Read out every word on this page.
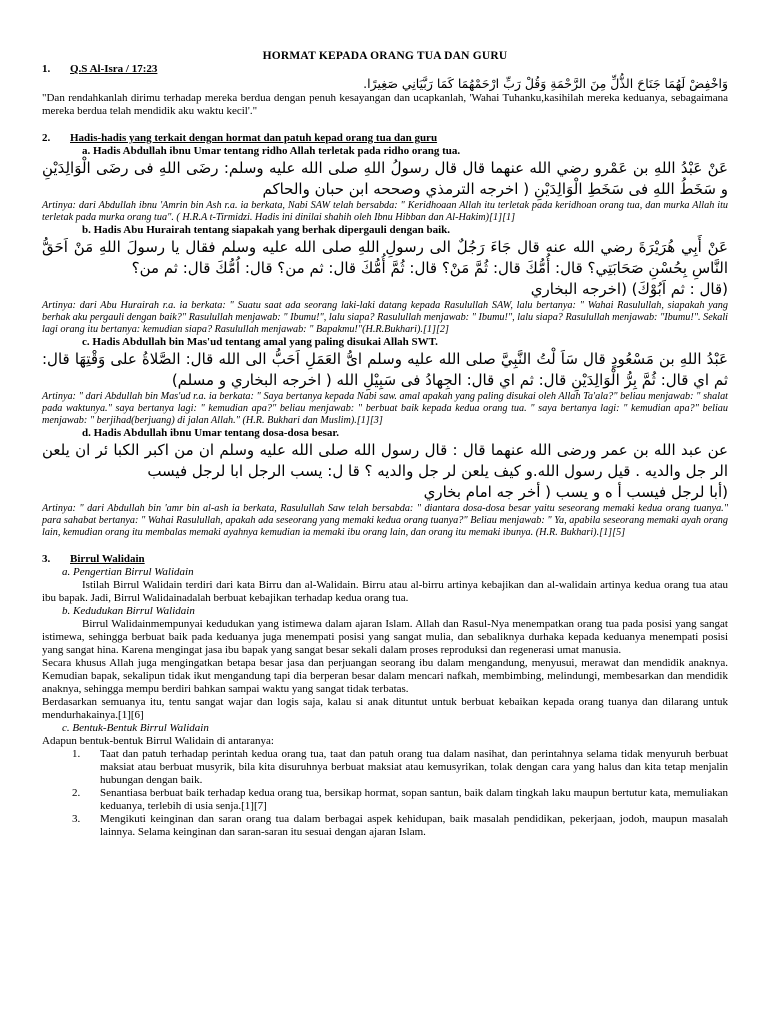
HORMAT KEPADA ORANG TUA DAN GURU

1. Q.S Al-Isra / 17:23

وَاخْفِضْ لَهُمَا جَنَاحَ الذُّلِّ مِنَ الرَّحْمَةِ وَقُلْ رَبِّ ارْحَمْهُمَا كَمَا رَبَّيَانِي صَغِيرًا.

"Dan rendahkanlah dirimu terhadap mereka berdua dengan penuh kesayangan dan ucapkanlah, 'Wahai Tuhanku,kasihilah mereka keduanya, sebagaimana mereka berdua telah mendidik aku waktu kecil'."

2. Hadis-hadis yang terkait dengan hormat dan patuh kepad orang tua dan guru

a. Hadis Abdullah ibnu Umar tentang ridho Allah terletak pada ridho orang tua.

عَنْ عَبْدُ اللهِ بن عَمْرو رضي الله عنهما قال قال رسولُ اللهِ صلى الله عليه وسلم: رضَى اللهِ فى رضَى الْوَالِدَيْنِ و سَخَطُ اللهِ فى سَخَطِ الْوَالِدَيْنِ ( اخرجه الترمذي وصححه ابن حبان والحاكم

Artinya: dari Abdullah ibnu 'Amrin bin Ash r.a. ia berkata, Nabi SAW telah bersabda: " Keridhoaan Allah itu terletak pada keridhoan orang tua, dan murka Allah itu terletak pada murka orang tua". ( H.R.A t-Tirmidzi. Hadis ini dinilai shahih oleh Ibnu Hibban dan Al-Hakim)[1][1]

b. Hadis Abu Hurairah tentang siapakah yang berhak dipergauli dengan baik.

عَنْ أَبِي هُرَيْرَةَ رضي الله عنه قال جَاءَ رَجُلٌ الى رسولِ اللهِ صلى الله عليه وسلم فقال يا رسولَ اللهِ مَنْ اَحَقُّ النَّاسِ بِحُسْنِ صَحَابَتِي؟ قال: أُمُّكَ قال: ثُمَّ مَنْ؟ قال: ثُمَّ أُمُّكَ قال: ثم من؟ قال: اُمُّكَ قال: ثم من؟

(قال : ثم اَبُوْكَ) (اخرجه البخاري

Artinya: dari Abu Hurairah r.a. ia berkata: " Suatu saat ada seorang laki-laki datang kepada Rasulullah SAW, lalu bertanya: " Wahai Rasulullah, siapakah yang berhak aku pergauli dengan baik?" Rasulullah menjawab: " Ibumu!", lalu siapa? Rasulullah menjawab: " Ibumu!", lalu siapa? Rasulullah menjawab: "Ibumu!". Sekali lagi orang itu bertanya: kemudian siapa? Rasulullah menjawab: " Bapakmu!"(H.R.Bukhari).[1][2]

c. Hadis Abdullah bin Mas'ud tentang amal yang paling disukai Allah SWT.

عَبْدُ اللهِ بن مَسْعُودٍ قال سَاَ لْتُ النَّبِيَّ صلى الله عليه وسلم اىُّ العَمَلِ اَحَبُّ الى الله قال: الصَّلاةُ على وَقْتِهَا قال: ثم اي قال: ثُمَّ بِرُّ الْوَالِدَيْنِ قال: ثم اي قال: الجِهادُ فى سَبِيْلِ الله ( اخرجه البخاري و مسلم)

Artinya: " dari Abdullah bin Mas'ud r.a. ia berkata: " Saya bertanya kepada Nabi saw. amal apakah yang paling disukai oleh Allah Ta'ala?" beliau menjawab: " shalat pada waktunya." saya bertanya lagi: " kemudian apa?" beliau menjawab: " berbuat baik kepada kedua orang tua. " saya bertanya lagi: " kemudian apa?" beliau menjawab: " berjihad(berjuang) di jalan Allah." (H.R. Bukhari dan Muslim).[1][3]

d. Hadis Abdullah ibnu Umar tentang dosa-dosa besar.

عن عبد الله بن عمر ورضى الله عنهما قال : قال رسول الله صلى الله عليه وسلم ان من اكبر الكبا ئر ان يلعن الر جل والديه . قيل رسول الله.و كيف يلعن لر جل والديه ؟ قا ل: يسب الرجل ابا لرجل فيسب

(أبا لرجل فيسب أ ه و يسب ( أخر جه امام بخاري

Artinya: " dari Abdullah bin 'amr bin al-ash ia berkata, Rasulullah Saw telah bersabda: " diantara dosa-dosa besar yaitu seseorang memaki kedua orang tuanya." para sahabat bertanya: " Wahai Rasulullah, apakah ada seseorang yang memaki kedua orang tuanya?" Beliau menjawab: " Ya, apabila seseorang memaki ayah orang lain, kemudian orang itu membalas memaki ayahnya kemudian ia memaki ibu orang lain, dan orang itu memaki ibunya. (H.R. Bukhari).[1][5]

3. Birrul Walidain

a. Pengertian Birrul Walidain

Istilah Birrul Walidain terdiri dari kata Birru dan al-Walidain. Birru atau al-birru artinya kebajikan dan al-walidain artinya kedua orang tua atau ibu bapak. Jadi, Birrul Walidainadalah berbuat kebajikan terhadap kedua orang tua.

b. Kedudukan Birrul Walidain

Birrul Walidainmempunyai kedudukan yang istimewa dalam ajaran Islam. Allah dan Rasul-Nya menempatkan orang tua pada posisi yang sangat istimewa, sehingga berbuat baik pada keduanya juga menempati posisi yang sangat mulia, dan sebaliknya durhaka kepada keduanya menempati posisi yang sangat hina. Karena mengingat jasa ibu bapak yang sangat besar sekali dalam proses reproduksi dan regenerasi umat manusia.

Secara khusus Allah juga mengingatkan betapa besar jasa dan perjuangan seorang ibu dalam mengandung, menyusui, merawat dan mendidik anaknya. Kemudian bapak, sekalipun tidak ikut mengandung tapi dia berperan besar dalam mencari nafkah, membimbing, melindungi, membesarkan dan mendidik anaknya, sehingga mempu berdiri bahkan sampai waktu yang sangat tidak terbatas.

Berdasarkan semuanya itu, tentu sangat wajar dan logis saja, kalau si anak dituntut untuk berbuat kebaikan kepada orang tuanya dan dilarang untuk mendurhakainya.[1][6]

c. Bentuk-Bentuk Birrul Walidain

Adapun bentuk-bentuk Birrul Walidain di antaranya:

1.	Taat dan patuh terhadap perintah kedua orang tua, taat dan patuh orang tua dalam nasihat, dan perintahnya selama tidak menyuruh berbuat maksiat atau berbuat musyrik, bila kita disuruhnya berbuat maksiat atau kemusyrikan, tolak dengan cara yang halus dan kita tetap menjalin hubungan dengan baik.
2.	Senantiasa berbuat baik terhadap kedua orang tua, bersikap hormat, sopan santun, baik dalam tingkah laku maupun bertutur kata, memuliakan keduanya, terlebih di usia senja.[1][7]
3.	Mengikuti keinginan dan saran orang tua dalam berbagai aspek kehidupan, baik masalah pendidikan, pekerjaan, jodoh, maupun masalah lainnya. Selama keinginan dan saran-saran itu sesuai dengan ajaran Islam.
